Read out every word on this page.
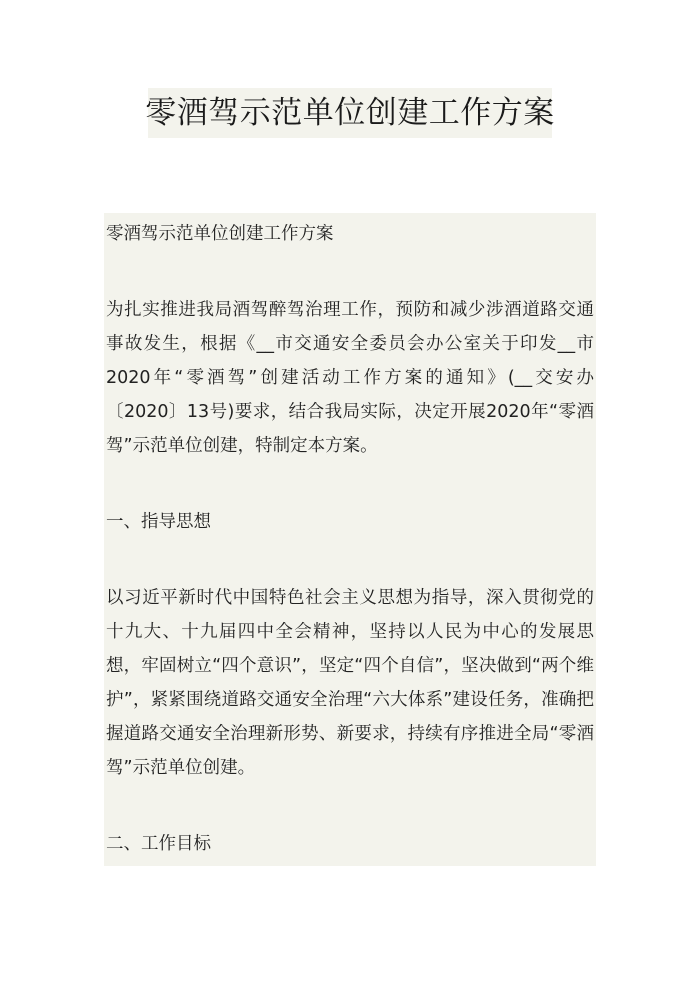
零酒驾示范单位创建工作方案

零酒驾示范单位创建工作方案

为扎实推进我局酒驾醉驾治理工作，预防和减少涉酒道路交通事故发生，根据《__市交通安全委员会办公室关于印发__市2020年“零酒驾”创建活动工作方案的通知》(__交安办〔2020〕13号)要求，结合我局实际，决定开展2020年“零酒驾”示范单位创建，特制定本方案。

一、指导思想

以习近平新时代中国特色社会主义思想为指导，深入贯彻党的十九大、十九届四中全会精神，坚持以人民为中心的发展思想，牢固树立“四个意识”，坚定“四个自信”，坚决做到“两个维护”，紧紧围绕道路交通安全治理“六大体系”建设任务，准确把握道路交通安全治理新形势、新要求，持续有序推进全局“零酒驾”示范单位创建。

二、工作目标
